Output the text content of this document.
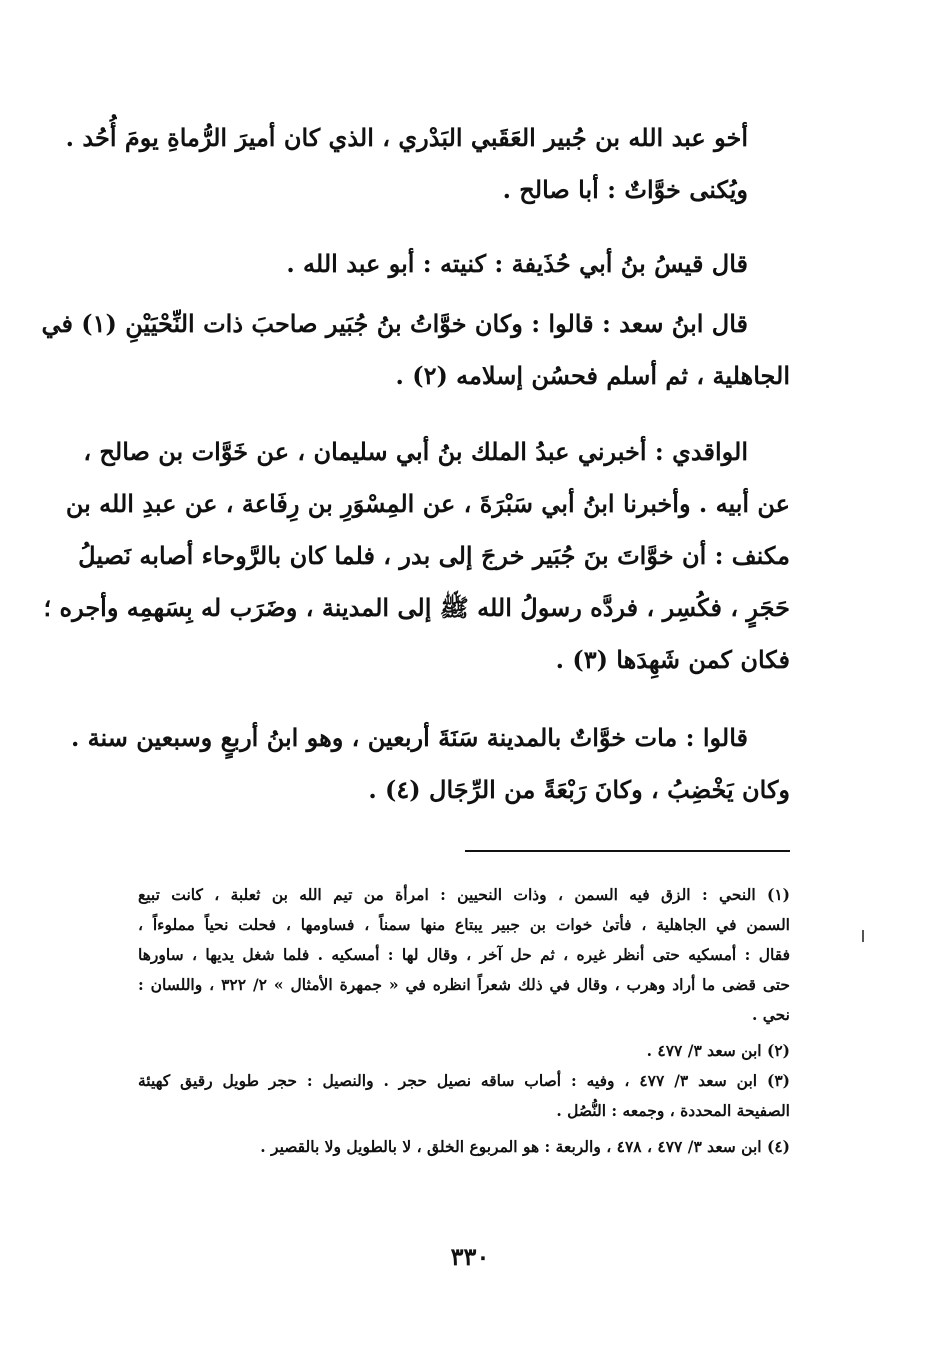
أخو عبد الله بن جُبير العَقَبي البَدْري ، الذي كان أميرَ الرُّماةِ يومَ أُحُد .
ويُكنى خوَّاتٌ : أبا صالح .
قال قيسُ بنُ أبي حُذَيفة : كنيته : أبو عبد الله .
قال ابنُ سعد : قالوا : وكان خوَّاتُ بنُ جُبَير صاحبَ ذات النِّحْيَيْنِ (١) في
الجاهلية ، ثم أسلم فحسُن إسلامه (٢) .
الواقدي : أخبرني عبدُ الملك بنُ أبي سليمان ، عن خَوَّات بن صالح ،
عن أبيه . وأخبرنا ابنُ أبي سَبْرَةَ ، عن المِسْوَرِ بن رِفَاعة ، عن عبدِ الله بن
مكنف : أن خوَّاتَ بنَ جُبَير خرجَ إلى بدر ، فلما كان بالرَّوحاء أصابه نَصيلُ
حَجَرٍ ، فكُسِر ، فردَّه رسولُ الله ﷺ إلى المدينة ، وضَرَب له بِسَهمِه وأجره ؛
فكان كمن شَهِدَها (٣) .
قالوا : مات خوَّاتٌ بالمدينة سَنَةَ أربعين ، وهو ابنُ أربعٍ وسبعين سنة .
وكان يَخْضِبُ ، وكانَ رَبْعَةً من الرِّجَال (٤) .
(١) النحي : الزق فيه السمن ، وذات النحيين : امرأة من تيم الله بن ثعلبة ، كانت تبيع
السمن في الجاهلية ، فأتىٰ خوات بن جبير يبتاع منها سمناً ، فساومها ، فحلت نحياً مملوءاً ،
فقال : أمسكيه حتى أنظر غيره ، ثم حل آخر ، وقال لها : أمسكيه . فلما شغل يديها ، ساورها
حتى قضى ما أراد وهرب ، وقال في ذلك شعراً انظره في « جمهرة الأمثال » ٢/ ٣٢٢ ، واللسان :
نحي .
(٢) ابن سعد ٣/ ٤٧٧ .
(٣) ابن سعد ٣/ ٤٧٧ ، وفيه : أصاب ساقه نصيل حجر . والنصيل : حجر طويل رقيق كهيئة
الصفيحة المحددة ، وجمعه : النُّصُل .
(٤) ابن سعد ٣/ ٤٧٧ ، ٤٧٨ ، والربعة : هو المربوع الخلق ، لا بالطويل ولا بالقصير .
٣٣٠
